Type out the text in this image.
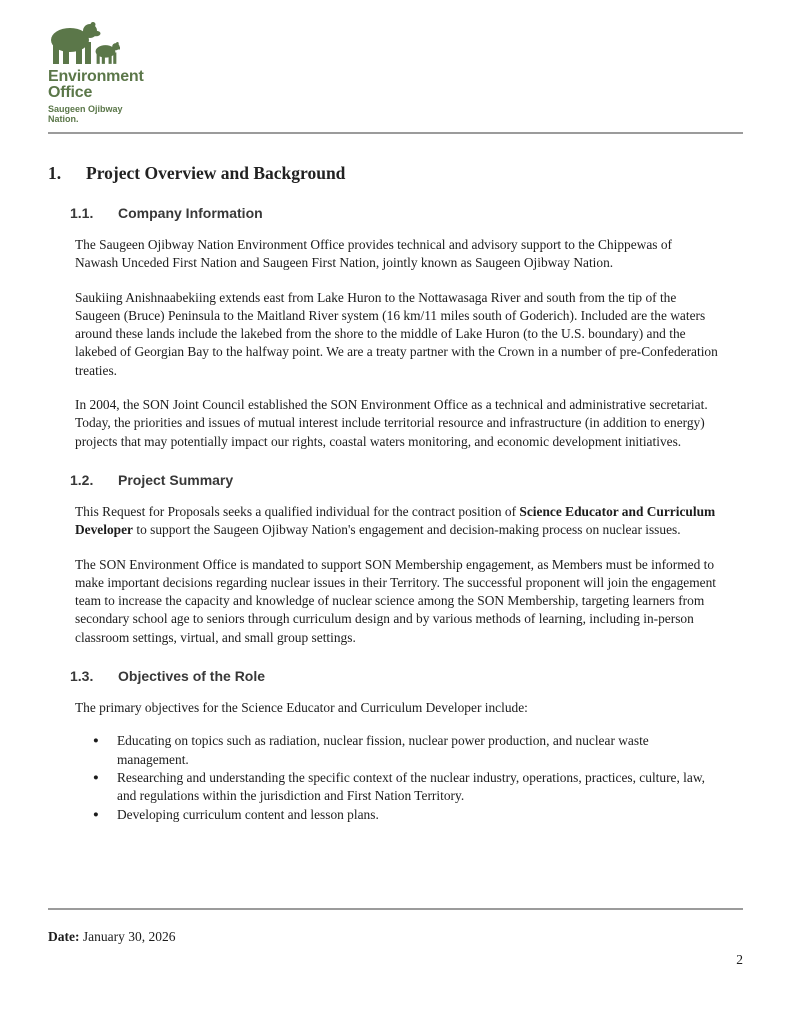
Environment
Office
Saugeen Ojibway
Nation.
1.	Project Overview and Background
1.1.	Company Information

The Saugeen Ojibway Nation Environment Office provides technical and advisory support to the Chippewas of Nawash Unceded First Nation and Saugeen First Nation, jointly known as Saugeen Ojibway Nation.

Saukiing Anishnaabekiing extends east from Lake Huron to the Nottawasaga River and south from the tip of the Saugeen (Bruce) Peninsula to the Maitland River system (16 km/11 miles south of Goderich). Included are the waters around these lands include the lakebed from the shore to the middle of Lake Huron (to the U.S. boundary) and the lakebed of Georgian Bay to the halfway point. We are a treaty partner with the Crown in a number of pre-Confederation treaties.

In 2004, the SON Joint Council established the SON Environment Office as a technical and administrative secretariat. Today, the priorities and issues of mutual interest include territorial resource and infrastructure (in addition to energy) projects that may potentially impact our rights, coastal waters monitoring, and economic development initiatives.

1.2.	Project Summary

This Request for Proposals seeks a qualified individual for the contract position of Science Educator and Curriculum Developer to support the Saugeen Ojibway Nation's engagement and decision-making process on nuclear issues.

The SON Environment Office is mandated to support SON Membership engagement, as Members must be informed to make important decisions regarding nuclear issues in their Territory. The successful proponent will join the engagement team to increase the capacity and knowledge of nuclear science among the SON Membership, targeting learners from secondary school age to seniors through curriculum design and by various methods of learning, including in-person classroom settings, virtual, and small group settings.

1.3.	Objectives of the Role

The primary objectives for the Science Educator and Curriculum Developer include:

● Educating on topics such as radiation, nuclear fission, nuclear power production, and nuclear waste management.
● Researching and understanding the specific context of the nuclear industry, operations, practices, culture, law, and regulations within the jurisdiction and First Nation Territory.
● Developing curriculum content and lesson plans.
Date: January 30, 2026
2
